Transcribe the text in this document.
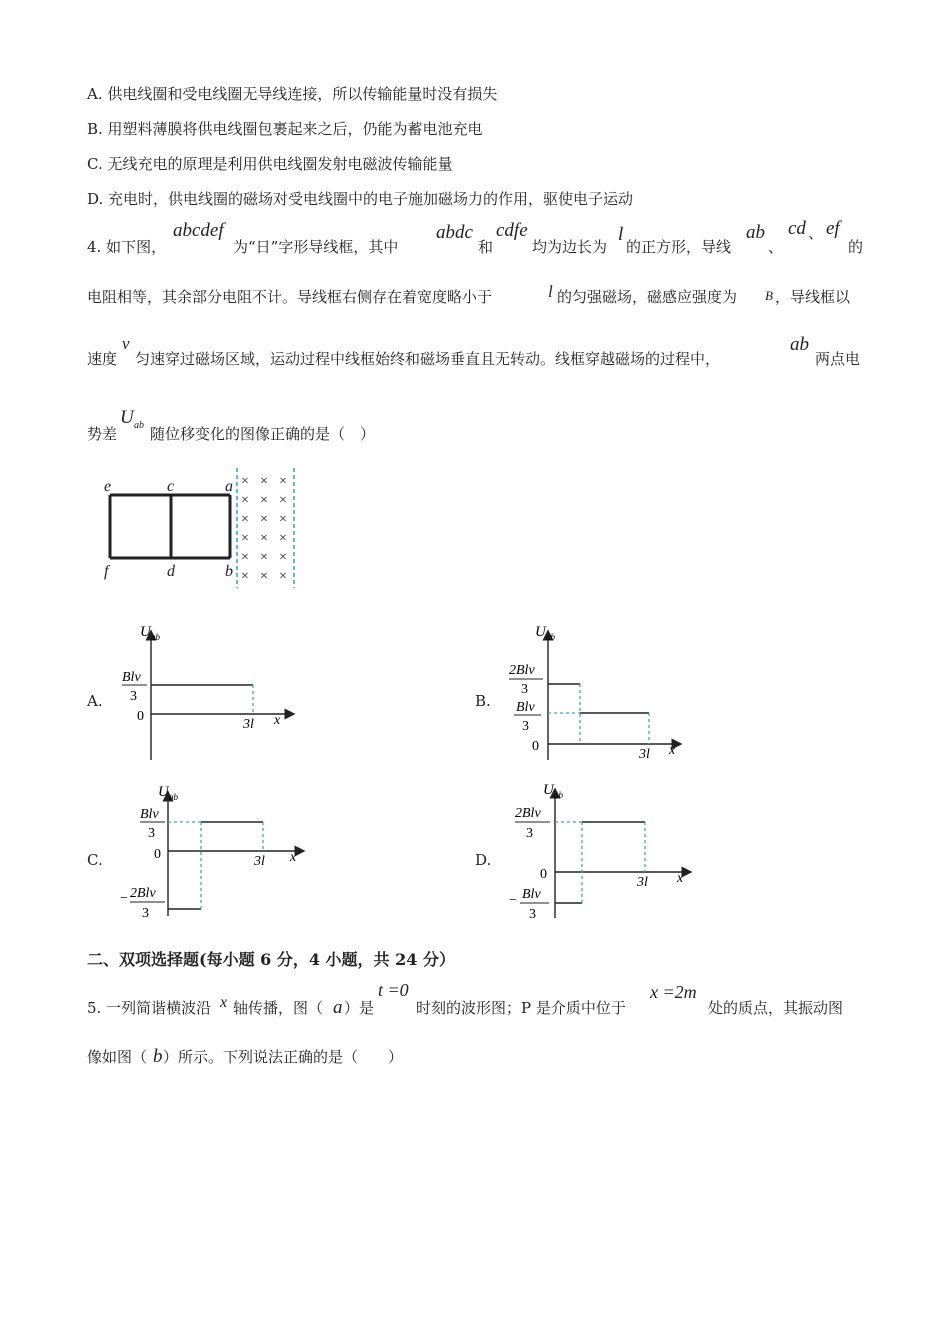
A. 供电线圈和受电线圈无导线连接，所以传输能量时没有损失
B. 用塑料薄膜将供电线圈包裹起来之后，仍能为蓄电池充电
C. 无线充电的原理是利用供电线圈发射电磁波传输能量
D. 充电时，供电线圈的磁场对受电线圈中的电子施加磁场力的作用，驱使电子运动
4. 如下图，
abcdef
为“日”字形导线框，其中
abdc
和
cdfe
均为边长为
l
的正方形，导线
ab
、
cd 、 ef
的
电阻相等，其余部分电阻不计。导线框右侧存在着宽度略小于	l 的匀强磁场，磁感应强度为 B ，导线框以
速度
v
匀速穿过磁场区域，运动过程中线框始终和磁场垂直且无转动。线框穿越磁场的过程中，
ab
两点电
势差
U ab 随位移变化的图像正确的是（　）
e	c	a
f	d	b
× × ×
× × ×
× × ×
× × ×
× × ×
× × ×
A.	B.
C.	D.
U ab
Blv
3
0
3l x
U ab
2Blv
3
Blv
3
0
3l x
U ab
Blv
3
0
− 2Blv
3
3l x
U ab
2Blv
3
0
− Blv
3
3l x
二、双项选择题(每小题 6 分，4 小题，共 24 分）
5. 一列简谐横波沿 x 轴传播，图（ a ）是
t =0
时刻的波形图；P 是介质中位于
x =2m
处的质点，其振动图
像如图（ b ）所示。下列说法正确的是（　　）
